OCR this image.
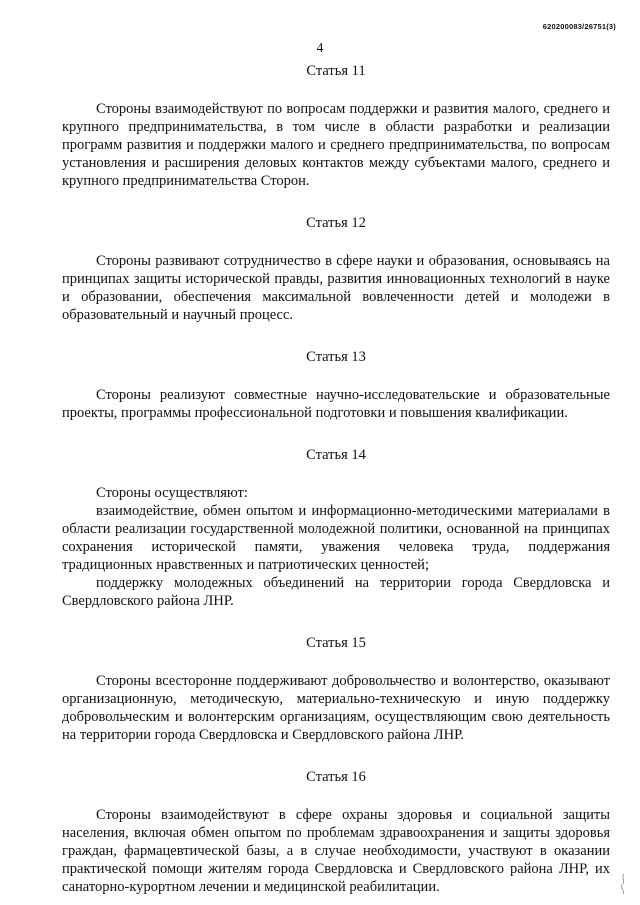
620200083/26751(3)
4
Статья 11

Стороны взаимодействуют по вопросам поддержки и развития малого, среднего и крупного предпринимательства, в том числе в области разработки и реализации программ развития и поддержки малого и среднего предпринимательства, по вопросам установления и расширения деловых контактов между субъектами малого, среднего и крупного предпринимательства Сторон.

Статья 12

Стороны развивают сотрудничество в сфере науки и образования, основываясь на принципах защиты исторической правды, развития инновационных технологий в науке и образовании, обеспечения максимальной вовлеченности детей и молодежи в образовательный и научный процесс.

Статья 13

Стороны реализуют совместные научно-исследовательские и образовательные проекты, программы профессиональной подготовки и повышения квалификации.

Статья 14

Стороны осуществляют:

взаимодействие, обмен опытом и информационно-методическими материалами в области реализации государственной молодежной политики, основанной на принципах сохранения исторической памяти, уважения человека труда, поддержания традиционных нравственных и патриотических ценностей;

поддержку молодежных объединений на территории города Свердловска и Свердловского района ЛНР.

Статья 15

Стороны всесторонне поддерживают добровольчество и волонтерство, оказывают организационную, методическую, материально-техническую и иную поддержку добровольческим и волонтерским организациям, осуществляющим свою деятельность на территории города Свердловска и Свердловского района ЛНР.

Статья 16

Стороны взаимодействуют в сфере охраны здоровья и социальной защиты населения, включая обмен опытом по проблемам здравоохранения и защиты здоровья граждан, фармацевтической базы, а в случае необходимости, участвуют в оказании практической помощи жителям города Свердловска и Свердловского района ЛНР, их санаторно-курортном лечении и медицинской реабилитации.
